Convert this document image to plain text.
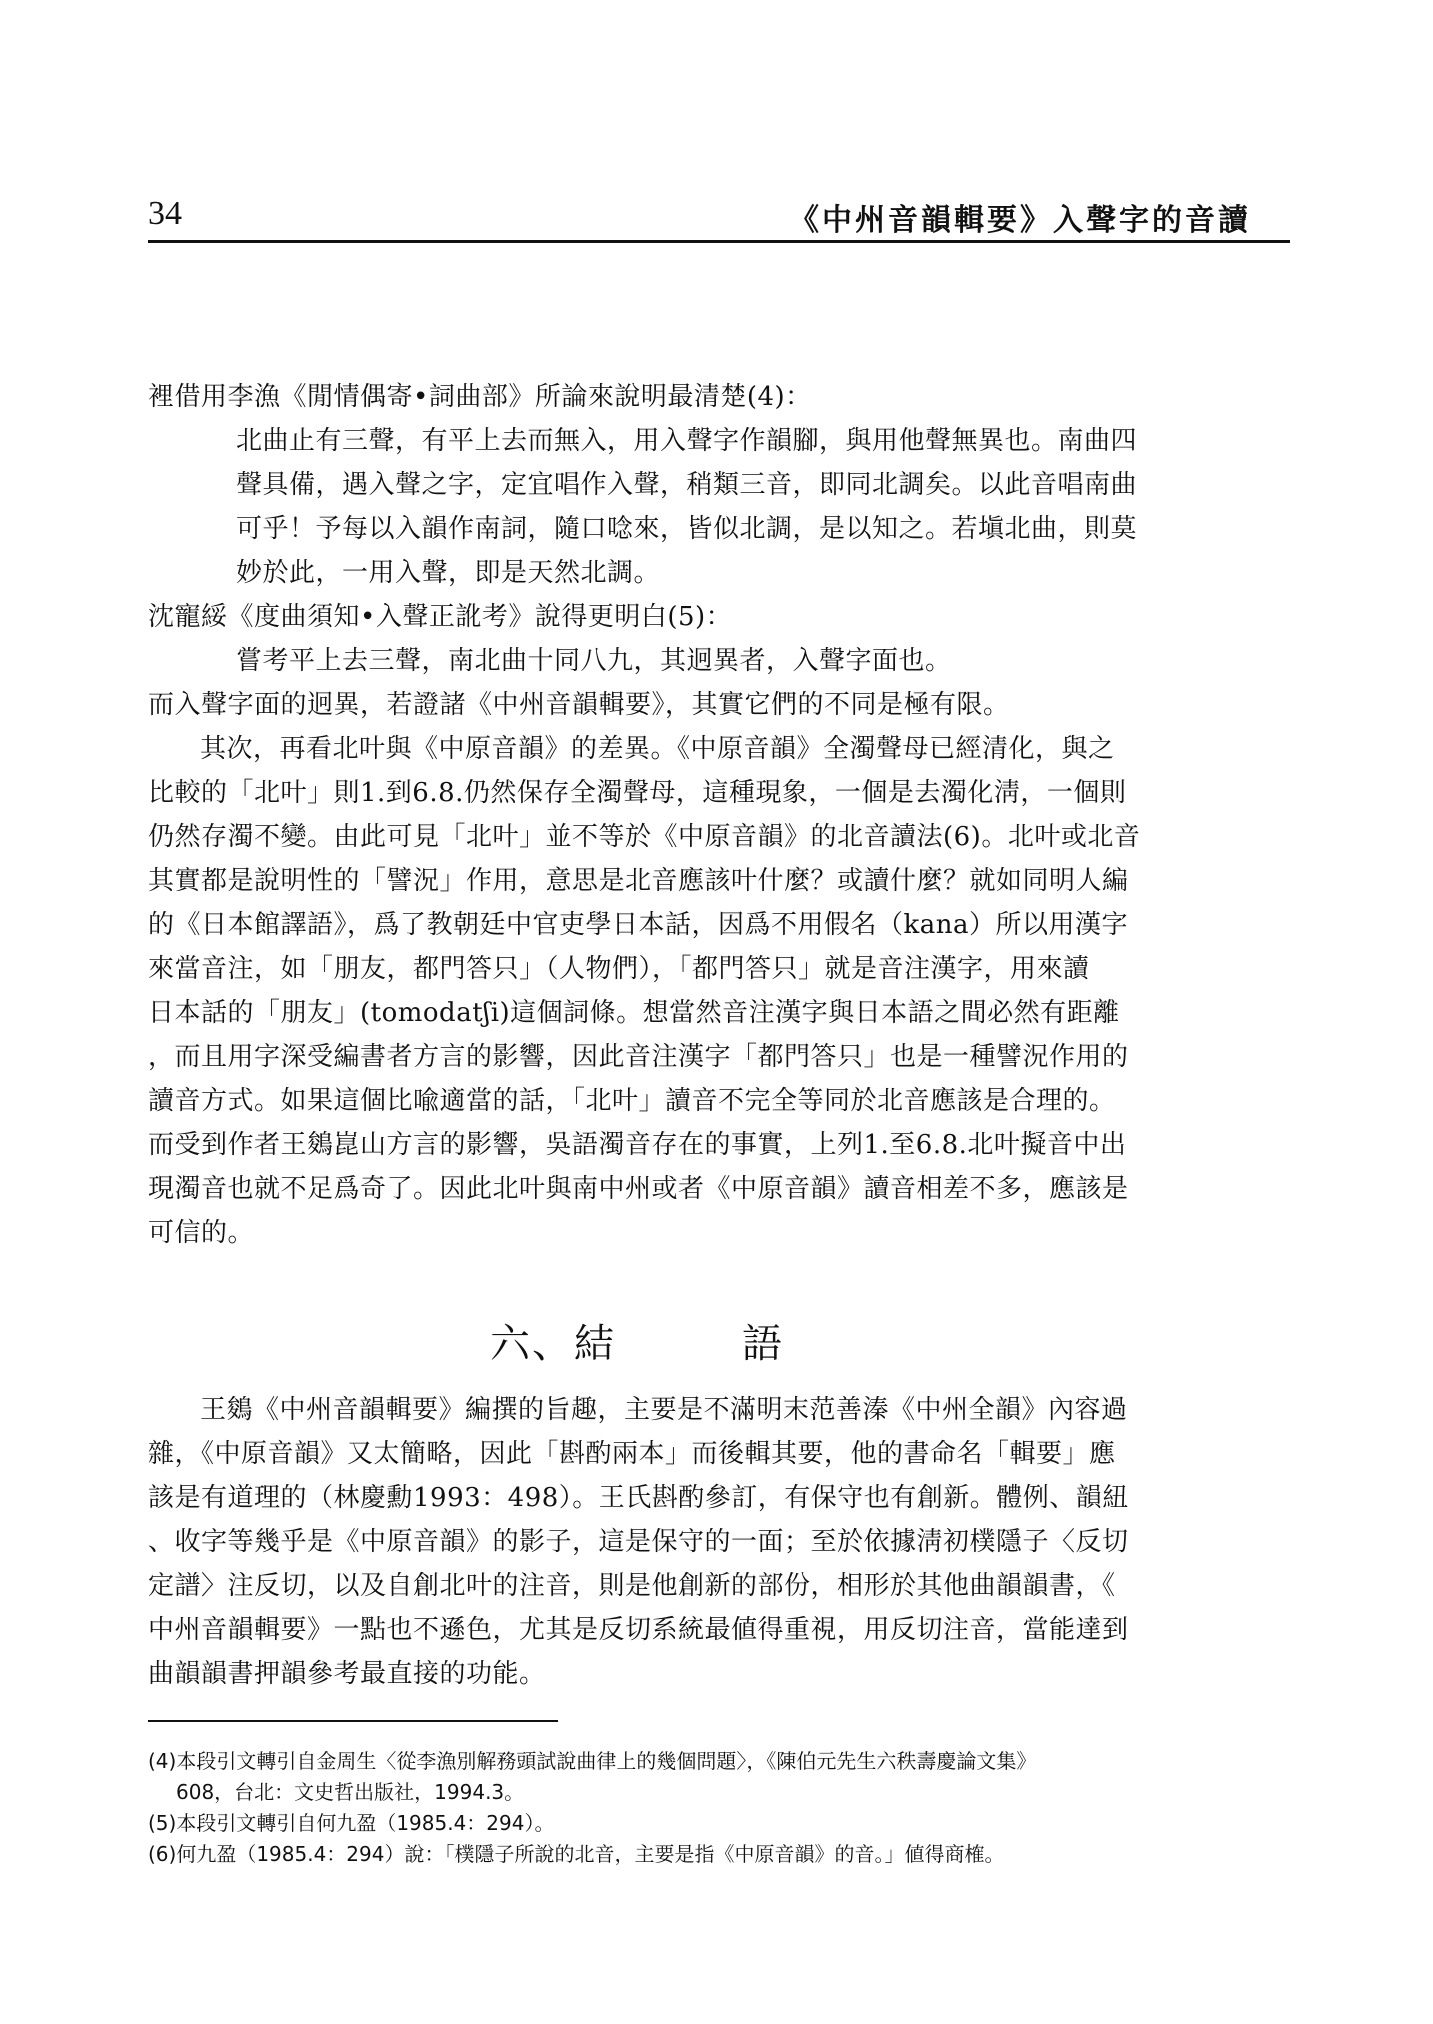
34	《中州音韻輯要》入聲字的音讀
裡借用李漁《閒情偶寄•詞曲部》所論來說明最清楚(4)：
北曲止有三聲，有平上去而無入，用入聲字作韻腳，與用他聲無異也。南曲四
聲具備，遇入聲之字，定宜唱作入聲，稍類三音，即同北調矣。以此音唱南曲
可乎！予每以入韻作南詞，隨口唸來，皆似北調，是以知之。若塡北曲，則莫
妙於此，一用入聲，即是天然北調。
沈寵綏《度曲須知•入聲正訛考》說得更明白(5)：
嘗考平上去三聲，南北曲十同八九，其迥異者，入聲字面也。
而入聲字面的迥異，若證諸《中州音韻輯要》，其實它們的不同是極有限。
其次，再看北叶與《中原音韻》的差異。《中原音韻》全濁聲母已經清化，與之
比較的「北叶」則1.到6.8.仍然保存全濁聲母，這種現象，一個是去濁化淸，一個則
仍然存濁不變。由此可見「北叶」並不等於《中原音韻》的北音讀法(6)。北叶或北音
其實都是說明性的「譬況」作用，意思是北音應該叶什麼？或讀什麼？就如同明人編
的《日本館譯語》，爲了教朝廷中官吏學日本話，因爲不用假名（kana）所以用漢字
來當音注，如「朋友，都門答只」（人物們），「都門答只」就是音注漢字，用來讀
日本話的「朋友」(tomodatʃi)這個詞條。想當然音注漢字與日本語之間必然有距離
，而且用字深受編書者方言的影響，因此音注漢字「都門答只」也是一種譬況作用的
讀音方式。如果這個比喩適當的話，「北叶」讀音不完全等同於北音應該是合理的。
而受到作者王鵕崑山方言的影響，吳語濁音存在的事實，上列1.至6.8.北叶擬音中出
現濁音也就不足爲奇了。因此北叶與南中州或者《中原音韻》讀音相差不多，應該是
可信的。
六、結　　　語
王鵕《中州音韻輯要》編撰的旨趣，主要是不滿明末范善溱《中州全韻》內容過
雜，《中原音韻》又太簡略，因此「斟酌兩本」而後輯其要，他的書命名「輯要」應
該是有道理的（林慶勳1993：498）。王氏斟酌參訂，有保守也有創新。體例、韻紐
、收字等幾乎是《中原音韻》的影子，這是保守的一面；至於依據淸初樸隱子〈反切
定譜〉注反切，以及自創北叶的注音，則是他創新的部份，相形於其他曲韻韻書，《
中州音韻輯要》一點也不遜色，尤其是反切系統最値得重視，用反切注音，當能達到
曲韻韻書押韻參考最直接的功能。
(4)本段引文轉引自金周生〈從李漁別解務頭試說曲律上的幾個問題〉，《陳伯元先生六秩壽慶論文集》
608，台北：文史哲出版社，1994.3。
(5)本段引文轉引自何九盈（1985.4：294）。
(6)何九盈（1985.4：294）說：「樸隱子所說的北音，主要是指《中原音韻》的音。」値得商榷。
